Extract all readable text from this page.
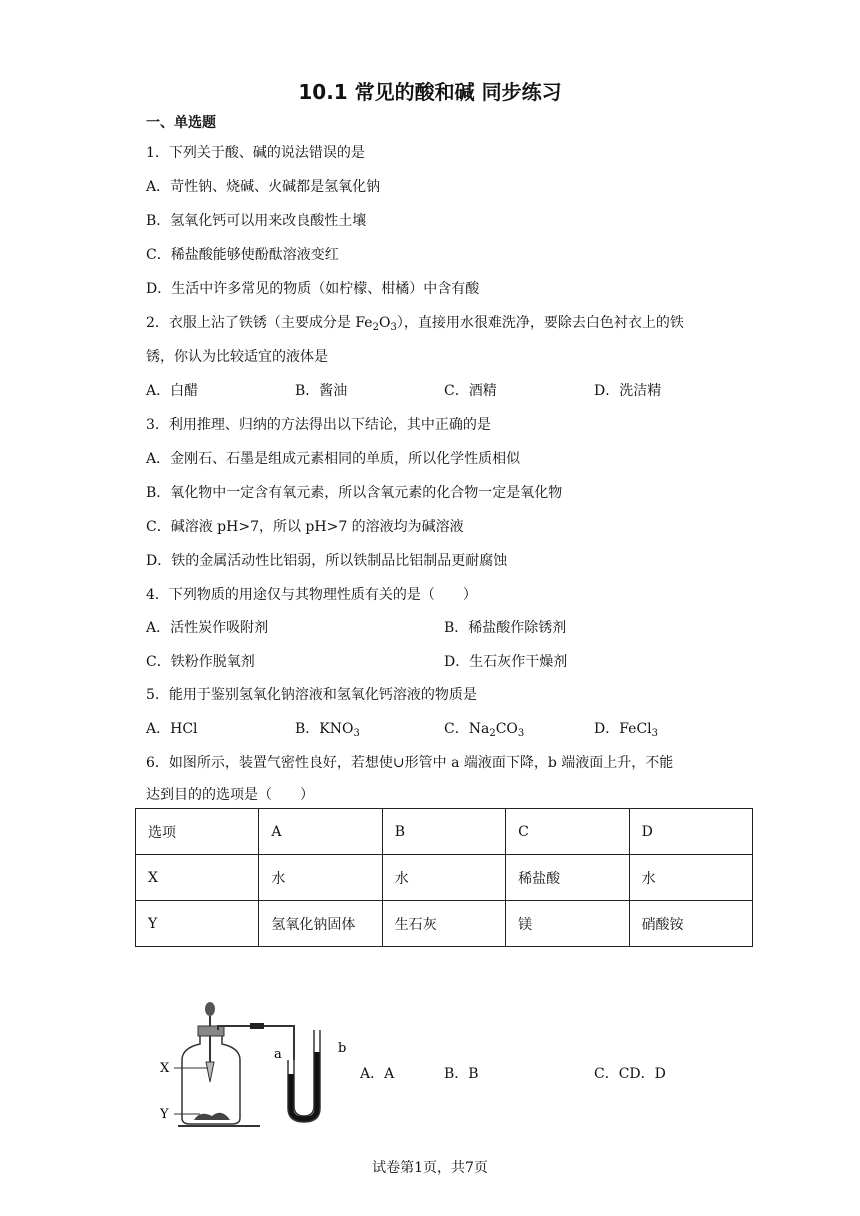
10.1 常见的酸和碱 同步练习
一、单选题
1．下列关于酸、碱的说法错误的是
A．苛性钠、烧碱、火碱都是氢氧化钠
B．氢氧化钙可以用来改良酸性土壤
C．稀盐酸能够使酚酞溶液变红
D．生活中许多常见的物质（如柠檬、柑橘）中含有酸
2．衣服上沾了铁锈（主要成分是 $Fe_2O_3$），直接用水很难洗净，要除去白色衬衣上的铁
锈，你认为比较适宜的液体是
A．白醋	B．酱油	C．酒精	D．洗洁精
3．利用推理、归纳的方法得出以下结论，其中正确的是
A．金刚石、石墨是组成元素相同的单质，所以化学性质相似
B．氧化物中一定含有氧元素，所以含氧元素的化合物一定是氧化物
C．碱溶液 pH>7，所以 pH>7 的溶液均为碱溶液
D．铁的金属活动性比铝弱，所以铁制品比铝制品更耐腐蚀
4．下列物质的用途仅与其物理性质有关的是（　　）
A．活性炭作吸附剂	B．稀盐酸作除锈剂
C．铁粉作脱氧剂	D．生石灰作干燥剂
5．能用于鉴别氢氧化钠溶液和氢氧化钙溶液的物质是
A．HCl	B．$KNO_3$	C．$Na_2CO_3$	D．FeCl$_3$
6．如图所示，装置气密性良好，若想使∪形管中 a 端液面下降，b 端液面上升，不能
达到目的的选项是（　　）
选项	A	B	C	D
X	水	水	稀盐酸	水
Y	氢氧化钠固体	生石灰	镁	硝酸铵
X
Y
a	b
A．A	B．B	C．CD．D
试卷第1页，共7页
